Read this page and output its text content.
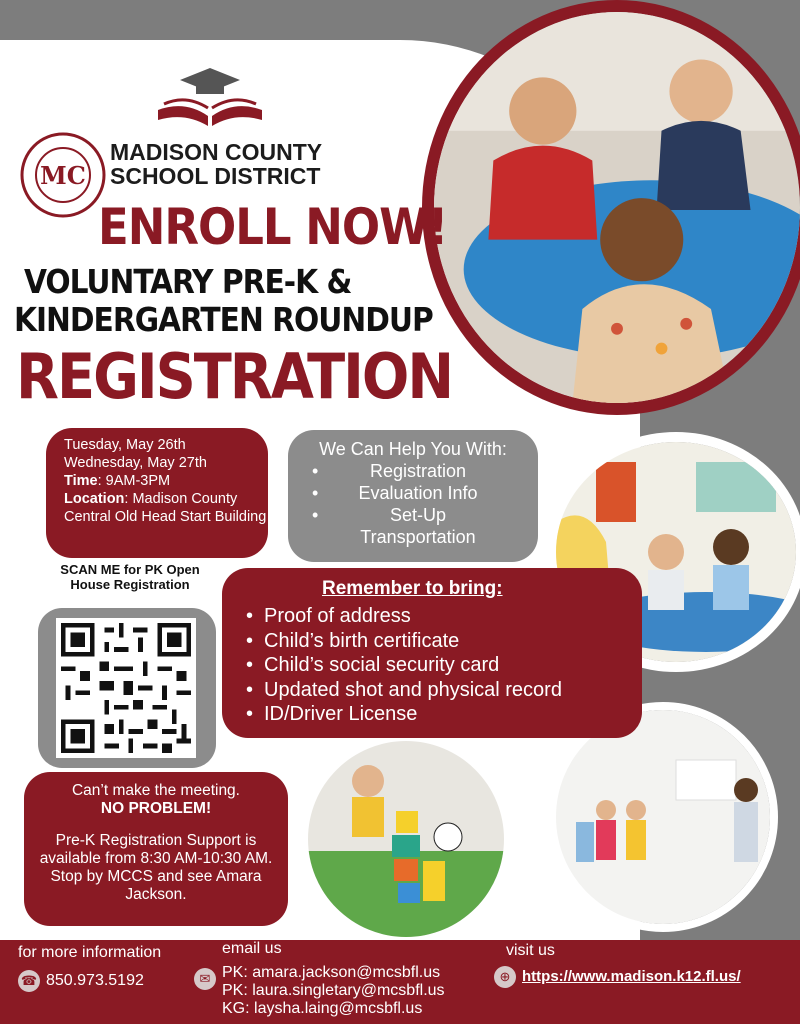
MC
MADISON COUNTY
SCHOOL DISTRICT
ENROLL NOW!
VOLUNTARY PRE-K &
KINDERGARTEN ROUNDUP
REGISTRATION
Tuesday, May 26th
Wednesday, May 27th
Time: 9AM-3PM
Location: Madison County Central Old Head Start Building
We Can Help You With:
•	Registration
•	Evaluation Info
•	Set-Up
Transportation
Remember to bring:
• Proof of address
• Child’s birth certificate
• Child’s social security card
• Updated shot and physical record
• ID/Driver License
SCAN ME for PK Open House Registration
Can’t make the meeting.
NO PROBLEM!
Pre-K Registration Support is available from 8:30 AM-10:30 AM. Stop by MCCS and see Amara Jackson.
for more information
☎ 850.973.5192
email us
✉ PK: amara.jackson@mcsbfl.us
PK: laura.singletary@mcsbfl.us
KG: laysha.laing@mcsbfl.us
visit us
⊕ https://www.madison.k12.fl.us/
